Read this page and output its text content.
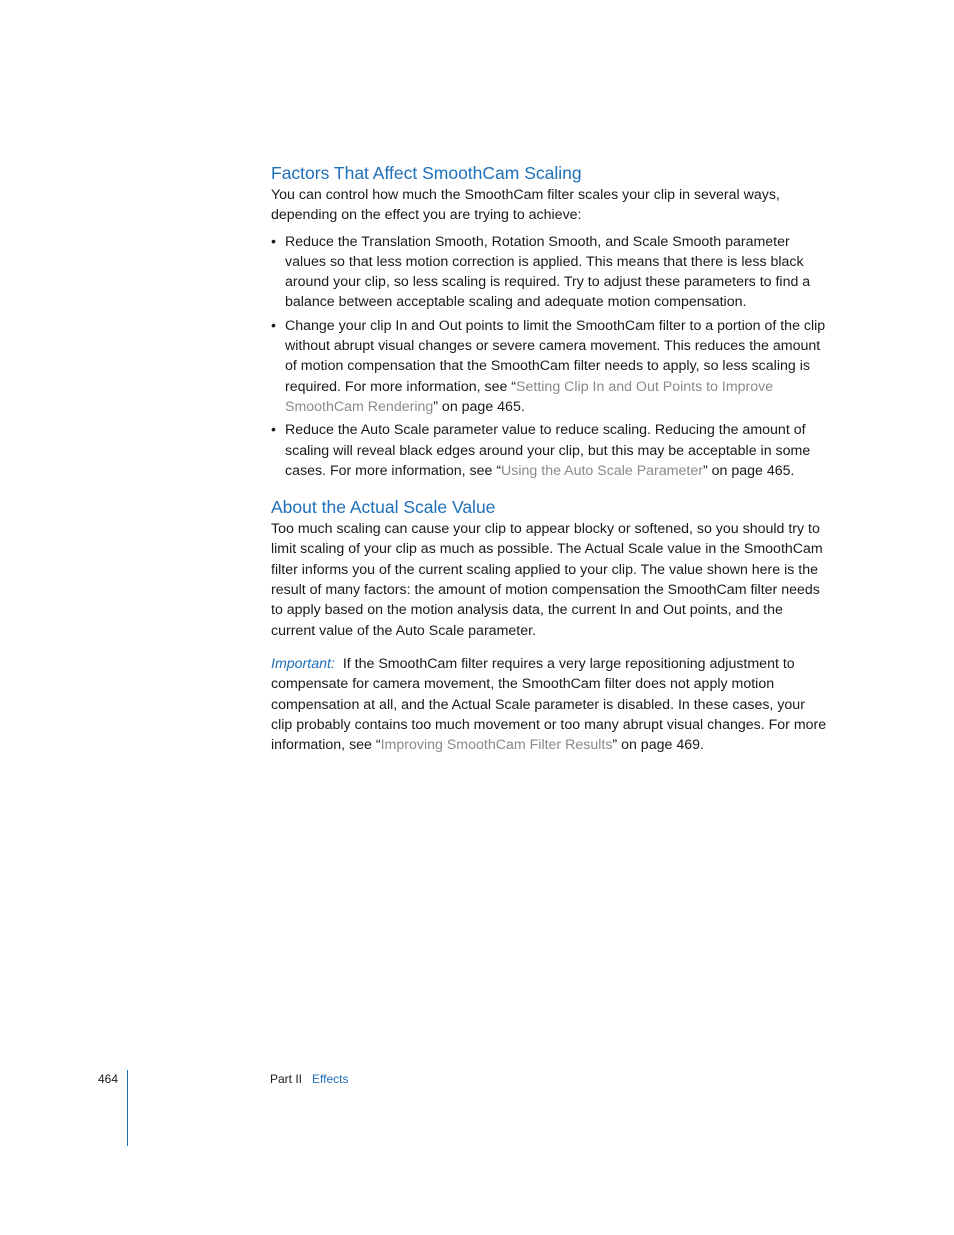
Factors That Affect SmoothCam Scaling

You can control how much the SmoothCam filter scales your clip in several ways, depending on the effect you are trying to achieve:

• Reduce the Translation Smooth, Rotation Smooth, and Scale Smooth parameter values so that less motion correction is applied. This means that there is less black around your clip, so less scaling is required. Try to adjust these parameters to find a balance between acceptable scaling and adequate motion compensation.
• Change your clip In and Out points to limit the SmoothCam filter to a portion of the clip without abrupt visual changes or severe camera movement. This reduces the amount of motion compensation that the SmoothCam filter needs to apply, so less scaling is required. For more information, see “Setting Clip In and Out Points to Improve SmoothCam Rendering” on page 465.
• Reduce the Auto Scale parameter value to reduce scaling. Reducing the amount of scaling will reveal black edges around your clip, but this may be acceptable in some cases. For more information, see “Using the Auto Scale Parameter” on page 465.
About the Actual Scale Value

Too much scaling can cause your clip to appear blocky or softened, so you should try to limit scaling of your clip as much as possible. The Actual Scale value in the SmoothCam filter informs you of the current scaling applied to your clip. The value shown here is the result of many factors: the amount of motion compensation the SmoothCam filter needs to apply based on the motion analysis data, the current In and Out points, and the current value of the Auto Scale parameter.

Important: If the SmoothCam filter requires a very large repositioning adjustment to compensate for camera movement, the SmoothCam filter does not apply motion compensation at all, and the Actual Scale parameter is disabled. In these cases, your clip probably contains too much movement or too many abrupt visual changes. For more information, see “Improving SmoothCam Filter Results” on page 469.

464	Part II Effects
